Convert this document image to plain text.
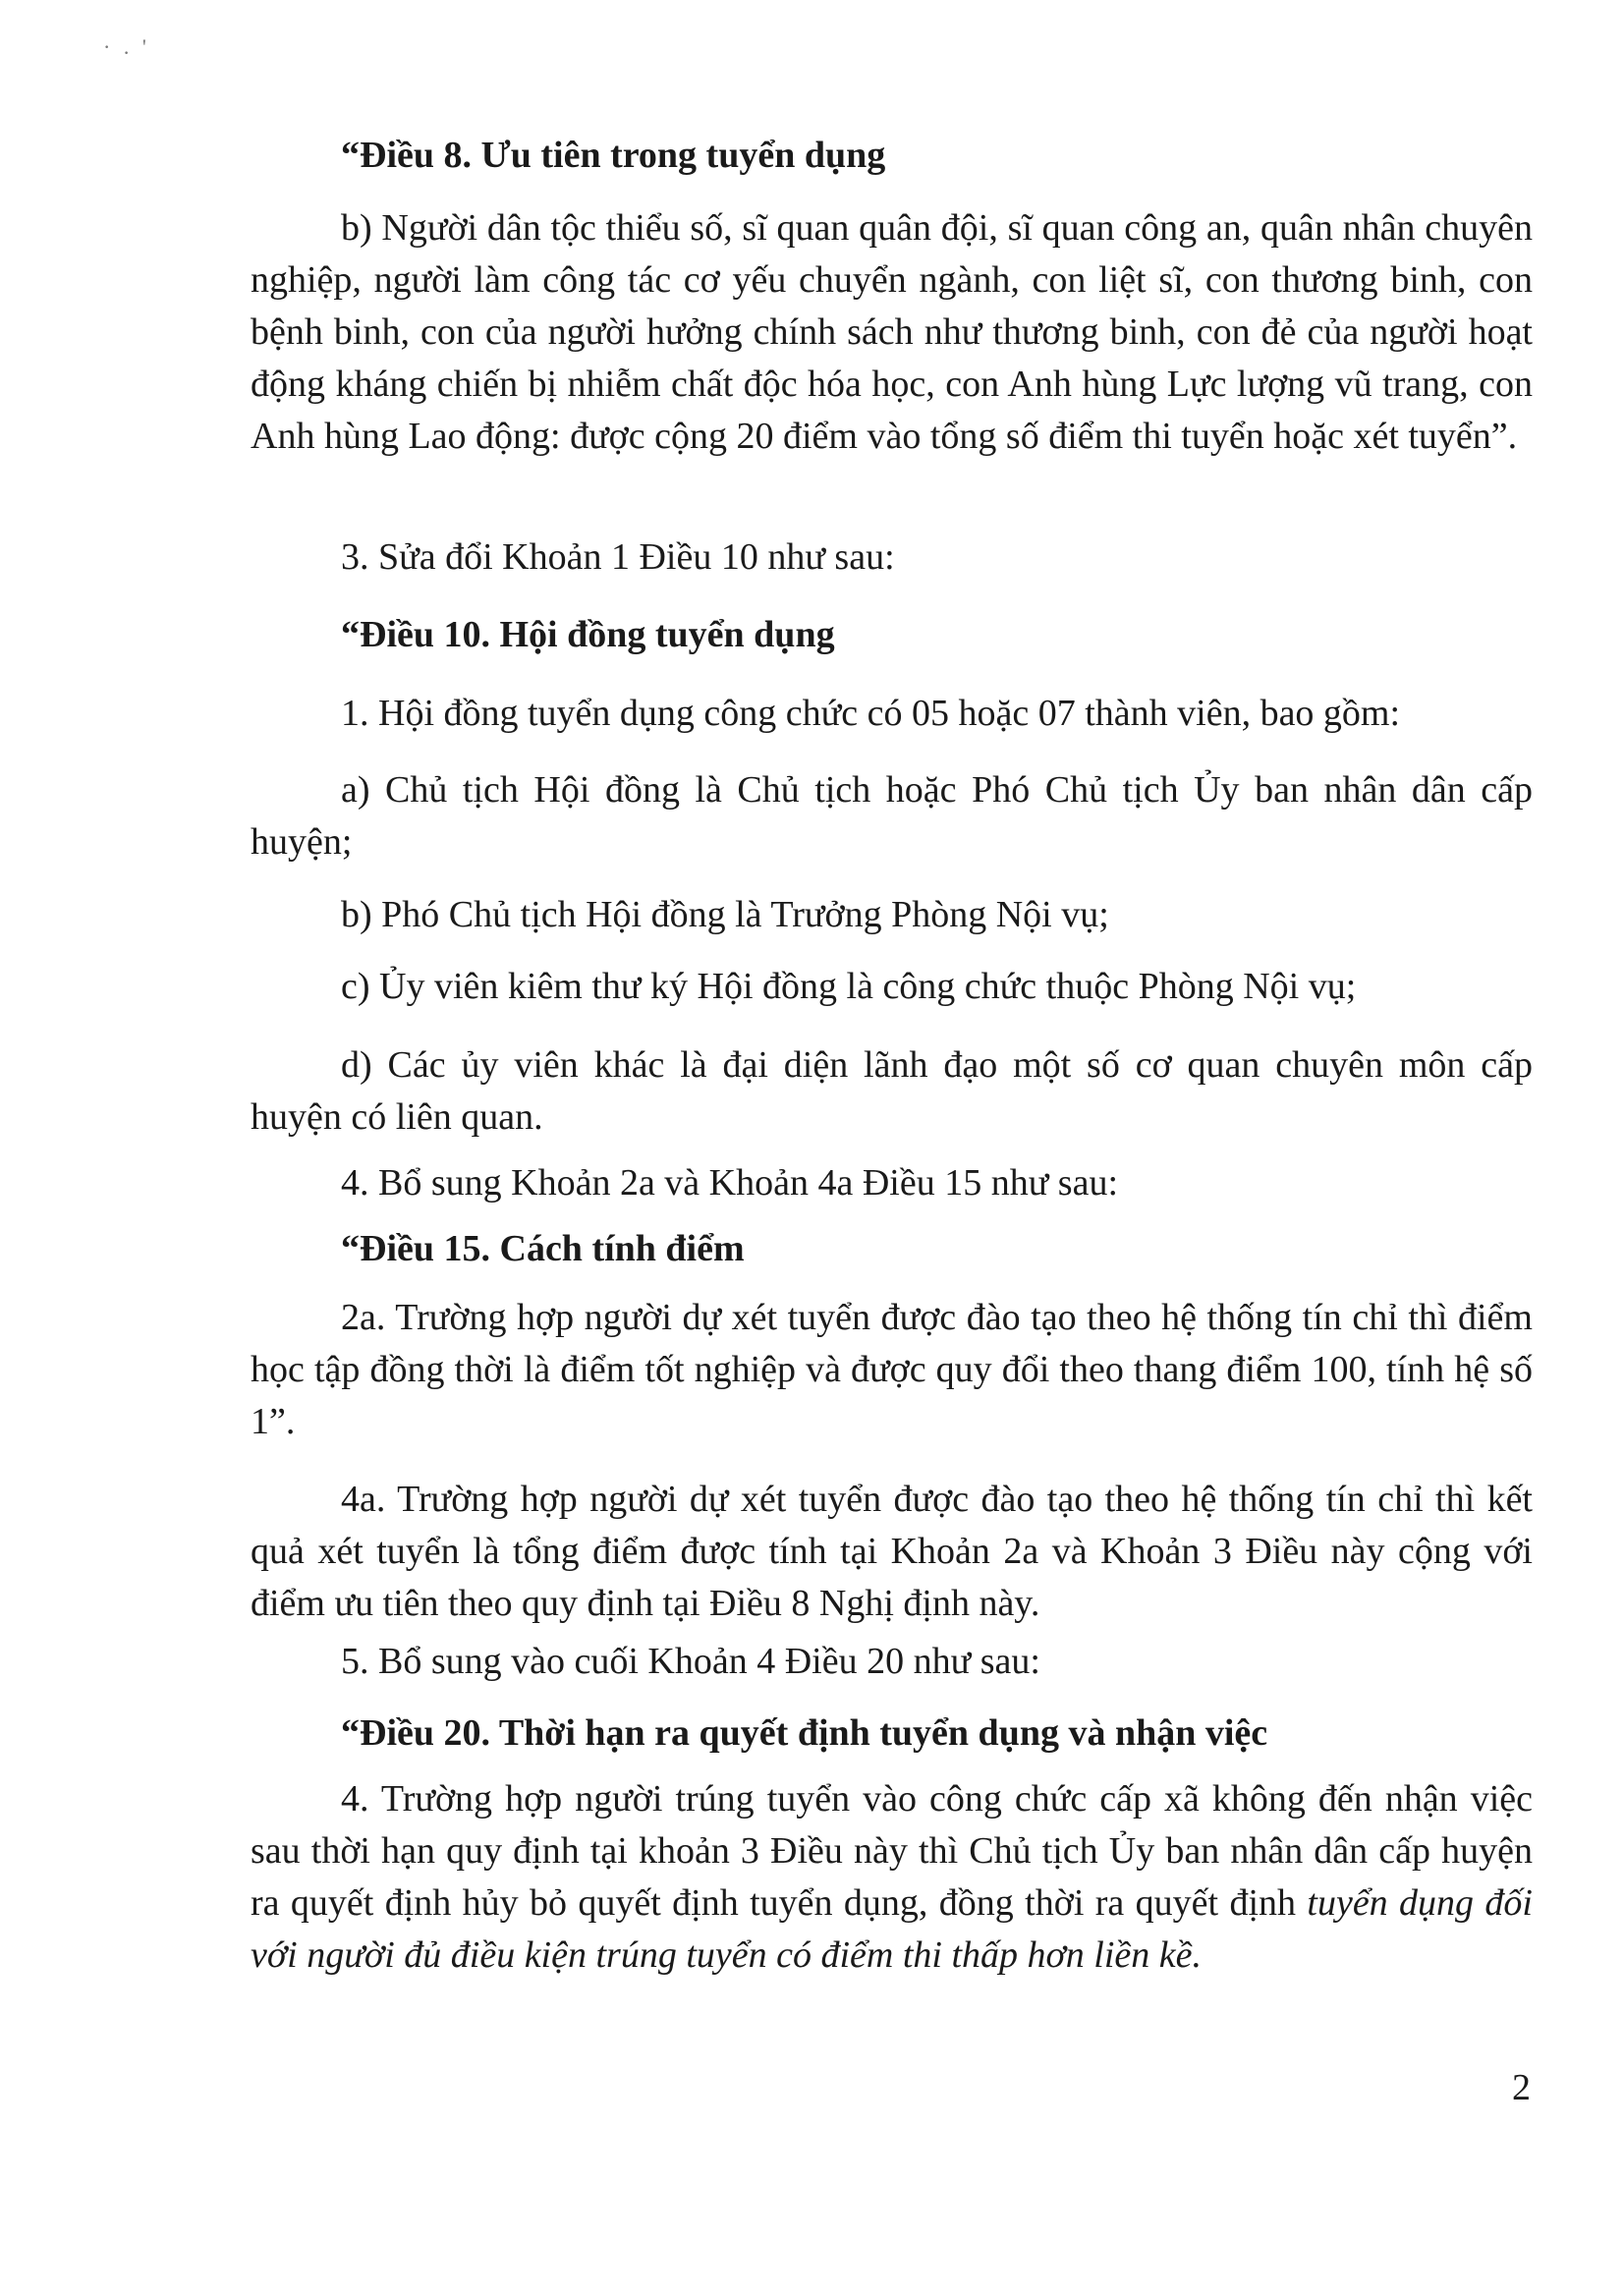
· . '

“Điều 8. Ưu tiên trong tuyển dụng

b) Người dân tộc thiểu số, sĩ quan quân đội, sĩ quan công an, quân nhân chuyên nghiệp, người làm công tác cơ yếu chuyển ngành, con liệt sĩ, con thương binh, con bệnh binh, con của người hưởng chính sách như thương binh, con đẻ của người hoạt động kháng chiến bị nhiễm chất độc hóa học, con Anh hùng Lực lượng vũ trang, con Anh hùng Lao động: được cộng 20 điểm vào tổng số điểm thi tuyển hoặc xét tuyển”.

3. Sửa đổi Khoản 1 Điều 10 như sau:

“Điều 10. Hội đồng tuyển dụng

1. Hội đồng tuyển dụng công chức có 05 hoặc 07 thành viên, bao gồm:

a) Chủ tịch Hội đồng là Chủ tịch hoặc Phó Chủ tịch Ủy ban nhân dân cấp huyện;

b) Phó Chủ tịch Hội đồng là Trưởng Phòng Nội vụ;

c) Ủy viên kiêm thư ký Hội đồng là công chức thuộc Phòng Nội vụ;

d) Các ủy viên khác là đại diện lãnh đạo một số cơ quan chuyên môn cấp huyện có liên quan.

4. Bổ sung Khoản 2a và Khoản 4a Điều 15 như sau:

“Điều 15. Cách tính điểm

2a. Trường hợp người dự xét tuyển được đào tạo theo hệ thống tín chỉ thì điểm học tập đồng thời là điểm tốt nghiệp và được quy đổi theo thang điểm 100, tính hệ số 1”.

4a. Trường hợp người dự xét tuyển được đào tạo theo hệ thống tín chỉ thì kết quả xét tuyển là tổng điểm được tính tại Khoản 2a và Khoản 3 Điều này cộng với điểm ưu tiên theo quy định tại Điều 8 Nghị định này.

5. Bổ sung vào cuối Khoản 4 Điều 20 như sau:

“Điều 20. Thời hạn ra quyết định tuyển dụng và nhận việc

4. Trường hợp người trúng tuyển vào công chức cấp xã không đến nhận việc sau thời hạn quy định tại khoản 3 Điều này thì Chủ tịch Ủy ban nhân dân cấp huyện ra quyết định hủy bỏ quyết định tuyển dụng, đồng thời ra quyết định tuyển dụng đối với người đủ điều kiện trúng tuyển có điểm thi thấp hơn liền kề.

2
